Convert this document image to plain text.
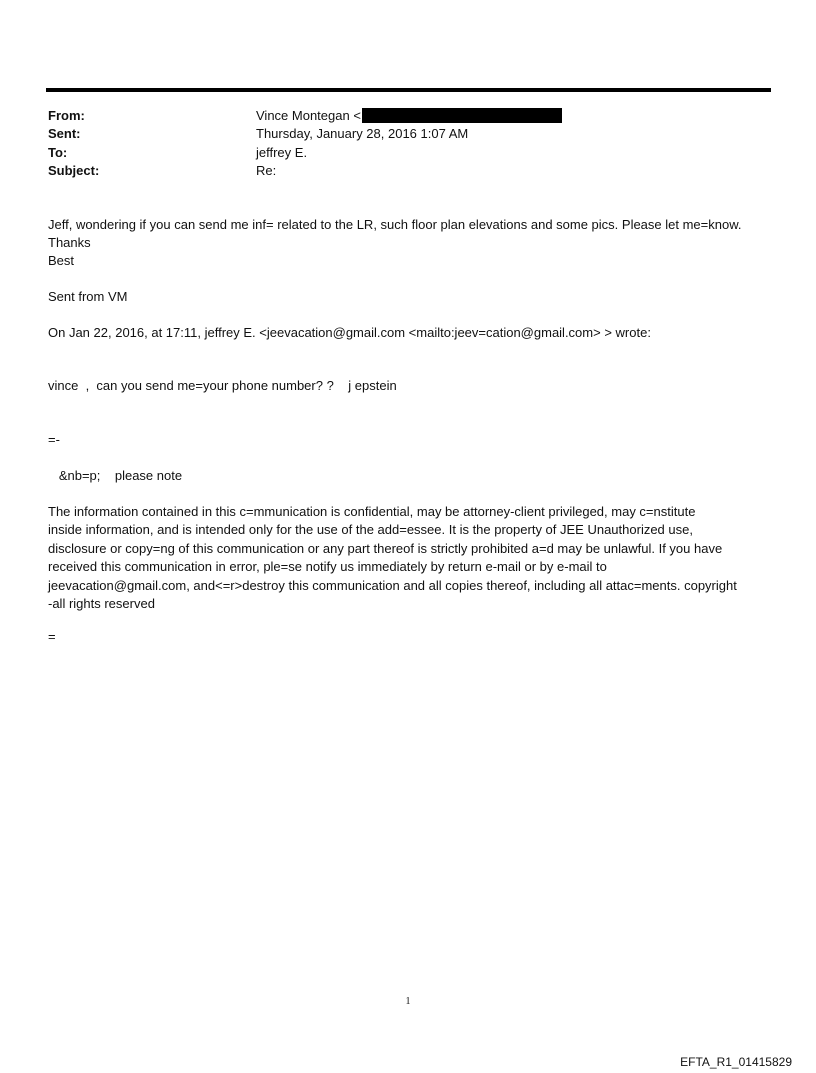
From:	Vince Montegan <
Sent:	Thursday, January 28, 2016 1:07 AM
To:	jeffrey E.
Subject:	Re:
Jeff, wondering if you can send me inf= related to the LR, such floor plan elevations and some pics. Please let me=know.
Thanks
Best
Sent from VM
On Jan 22, 2016, at 17:11, jeffrey E. <jeevacation@gmail.com <mailto:jeev=cation@gmail.com> > wrote:
vince  ,  can you send me=your phone number? ?    j epstein
=-
&nb=p;    please note
The information contained in this c=mmunication is confidential, may be attorney-client privileged, may c=nstitute
inside information, and is intended only for the use of the add=essee. It is the property of JEE Unauthorized use,
disclosure or copy=ng of this communication or any part thereof is strictly prohibited a=d may be unlawful. If you have
received this communication in error, ple=se notify us immediately by return e-mail or by e-mail to
jeevacation@gmail.com, and<=r>destroy this communication and all copies thereof, including all attac=ments. copyright
-all rights reserved
=
1
EFTA_R1_01415829
